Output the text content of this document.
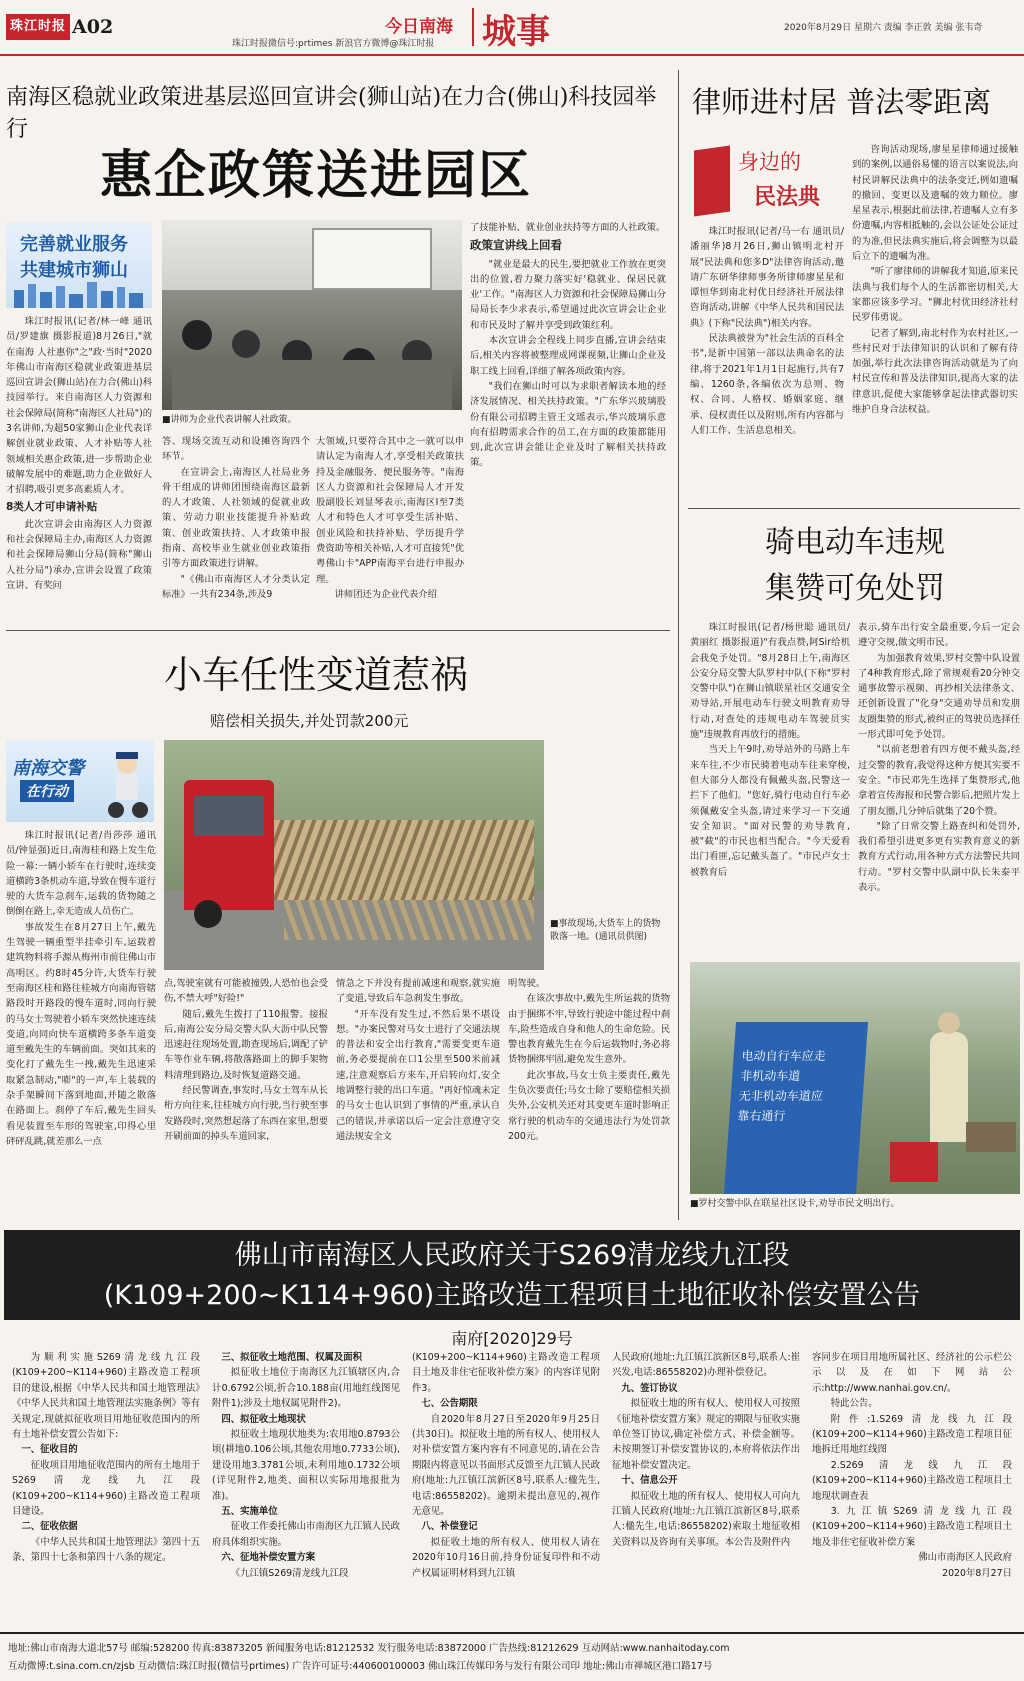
珠江时报 A02
珠江时报微信号:prtimes 新浪官方微博@珠江时报
今日南海 城事	2020年8月29日 星期六 责编 李正敦 美编 张韦奇
南海区稳就业政策进基层巡回宣讲会(狮山站)在力合(佛山)科技园举行
惠企政策送进园区
完善就业服务
共建城市狮山

珠江时报讯(记者/林一峰 通讯员/罗建旗 摄影报道)8月26日,"就在南海 人社惠你"之"政·当时"2020年佛山市南海区稳就业政策进基层巡回宣讲会(狮山站)在力合(佛山)科技园举行。来自南海区人力资源和社会保障局(简称"南海区人社局")的3名讲师,为超50家狮山企业代表详解创业就业政策、人才补贴等人社领域相关惠企政策,进一步帮助企业破解发展中的难题,助力企业做好人才招聘,吸引更多高素质人才。

8类人才可申请补贴

此次宣讲会由南海区人力资源和社会保障局主办,南海区人力资源和社会保障局狮山分局(简称"狮山人社分局")承办,宣讲会设置了政策宣讲、有奖问

■讲师为企业代表讲解人社政策。

答、现场交流互动和设摊咨询四个环节。

在宣讲会上,南海区人社局业务骨干组成的讲师团围绕南海区最新的人才政策、人社领域的促就业政策、劳动力职业技能提升补贴政策、创业政策扶持、人才政策申报指南、高校毕业生就业创业政策指引等方面政策进行讲解。

"《佛山市南海区人才分类认定标准》一共有234条,涉及9

大领域,只要符合其中之一就可以申请认定为南海人才,享受相关政策扶持及金融服务、便民服务等。"南海区人力资源和社会保障局人才开发股副股长刘显琴表示,南海区Ⅰ至7类人才和特色人才可享受生活补贴、创业风险和扶持补贴、学历提升学费资助等相关补贴,人才可直接凭"优粤佛山卡"APP南海平台进行申报办理。

讲师团还为企业代表介绍

了技能补贴、就业创业扶持等方面的人社政策。

政策宣讲线上回看

"就业是最大的民生,要把就业工作放在更突出的位置,着力聚力落实好'稳就业、保居民就业'工作。"南海区人力资源和社会保障局狮山分局局长李少求表示,希望通过此次宣讲会让企业和市民及时了解并享受到政策红利。

本次宣讲会全程线上同步直播,宣讲会结束后,相关内容将被整理成网课视频,让狮山企业及职工线上回看,详细了解各项政策内容。

"我们在狮山时可以为求职者解读本地的经济发展情况、相关扶持政策。"广东华兴玻璃股份有限公司招聘主管王文瑶表示,华兴玻璃乐意向有招聘需求合作的员工,在方面的政策都能用到,此次宣讲会能让企业及时了解相关扶持政策。

律师进村居 普法零距离
身边的
民法典

珠江时报讯(记者/马一右 通讯员/潘丽华)8月26日,狮山镇明北村开展"民法典和您多D"法律咨询活动,邀请广东研华律师事务所律师廖星星和谭恒华到南北村优日经济社开展法律咨询活动,讲解《中华人民共和国民法典》(下称"民法典")相关内容。

民法典被誉为"社会生活的百科全书",是新中国第一部以法典命名的法律,将于2021年1月1日起施行,共有7编、1260条,各编依次为总则、物权、合同、人格权、婚姻家庭、继承、侵权责任以及附则,所有内容都与人们工作、生活息息相关。

咨询活动现场,廖星星律师通过援触到的案例,以通俗易懂的语言以案说法,向村民讲解民法典中的法条变迁,例如遗嘱的撤回、变更以及遗嘱的效力顺位。廖星星表示,根据此前法律,若遗嘱人立有多份遗嘱,内容相抵触的,会以公证处公证过的为准,但民法典实施后,将会调整为以最后立下的遗嘱为准。

"听了廖律师的讲解我才知道,原来民法典与我们每个人的生活都密切相关,大家都应该多学习。"狮北村优田经济社村民罗伟勇说。

记者了解到,南北村作为农村社区,一些村民对于法律知识的认识和了解有待加强,举行此次法律咨询活动就是为了向村民宣传和普及法律知识,提高大家的法律意识,促使大家能够拿起法律武器切实维护自身合法权益。

骑电动车违规
集赞可免处罚

珠江时报讯(记者/杨世聪 通讯员/黄丽红 摄影报道)"有我点赞,阿Sir给机会我免予处罚。"8月28日上午,南海区公安分局交警大队罗村中队(下称"罗村交警中队")在狮山镇联星社区交通安全劝导站,开展电动车行驶文明教育劝导行动,对查处的违规电动车驾驶员实施"违规教育再放行的措施。

当天上午9时,劝导站外的马路上车来车往,不少市民骑着电动车往来穿梭,但大部分人都没有佩戴头盔,民警这一拦下了他们。"您好,骑行电动自行车必须佩戴安全头盔,请过来学习一下交通安全知识。"面对民警的劝导教育,被"截"的市民也相当配合。"今天爱看出门看匪,忘记戴头盔了。"市民卢女士被教育后

表示,骑车出行安全最重要,今后一定会遵守交规,做文明市民。

为加强教育效果,罗村交警中队设置了4种教育形式,除了常规观看20分钟交通事故警示视频、再抄相关法律条文、还创新设置了"化身"交通劝导员和发朋友圈集赞的形式,被纠正的驾驶员选择任一形式即可免予处罚。

"以前老想着有四方便不戴头盔,经过交警的教育,我觉得这种方便其实要不安全。"市民邓先生选择了集赞形式,他拿着宣传海报和民警合影后,把照片发上了朋友圈,几分钟后就集了20个赞。

"除了日常交警上路查纠和处罚外,我们希望引进更多更有实教育意义的新教育方式行动,用各种方式方法警民共同行动。"罗村交警中队副中队长朱泰平表示。

电动自行车应走
非机动车道
无非机动车道应
靠右通行
■罗村交警中队在联星社区设卡,劝导市民文明出行。
小车任性变道惹祸
赔偿相关损失,并处罚款200元
南海交警
在行动

珠江时报讯(记者/肖莎莎 通讯员/钟显强)近日,南海桂和路上发生危险一幕:一辆小轿车在行驶时,连续变道横跨3条机动车道,导致在慢车道行驶的大货车急刹车,运载的货物随之倒倒在路上,幸无造成人员伤亡。

事故发生在8月27日上午,戴先生驾驶一辆重型半挂牵引车,运载着建筑物料将手源从梅州市前往佛山市高明区。约8时45分许,大货车行驶至南海区桂和路往桂城方向南海管辖路段时开路段的慢车道时,同向行驶的马女士驾驶着小轿车突然快速连续变道,向同向快车道横跨多条车道变道至戴先生的车辆前面。突如其来的变化打了戴先生一拽,戴先生迅速采取紧急制动,"嘭"的一声,车上装载的杂手架瞬间下落到地面,并随之散落在路面上。刹停了车后,戴先生回头看见装置至车形的驾驶室,印得心里砰砰乱跳,就差那么一点

■事故现场,大货车上的货物散落一地。(通讯员供图)

点,驾驶室就有可能被撞毁,人恐怕也会受伤,不禁大呼"好险!"

随后,戴先生拨打了110报警。接报后,南海公安分局交警大队大沥中队民警迅速赶往现场处置,勘查现场后,调配了铲车等作业车辆,将散落路面上的脚手架物料清理到路边,及时恢复道路交通。

经民警调查,事发时,马女士驾车从长桁方向往来,往桂城方向行驶,当行驶至事发路段时,突然想起落了东西在家里,想要开刷前面的掉头车道回家,

情急之下并没有提前减速和观察,就实施了变道,导致后车急刹发生事故。

"开车没有发生过,不然后果不堪设想。"办案民警对马女士进行了交通法规的普法和安全出行教育,"需要变更车道前,务必要提前在口1公里至500米前减速,注意观察后方来车,开启转向灯,安全地调整行驶的出口车道。"再好惊魂未定的马女士也认识到了事情的严重,承认自己的错误,并承诺以后一定会注意遵守交通法规安全文

明驾驶。

在该次事故中,戴先生所运载的货物由于捆绑不牢,导致行驶途中能过程中刹车,险些造成自身和他人的生命危险。民警也教育戴先生在今后运载物时,务必将货物捆绑牢固,避免发生意外。

此次事故,马女士负主要责任,戴先生负次要责任;马女士除了要赔偿相关损失外,公安机关还对其变更车道时影响正常行驶的机动车的交通违法行为处罚款200元。

佛山市南海区人民政府关于S269清龙线九江段
(K109+200~K114+960)主路改造工程项目土地征收补偿安置公告
南府[2020]29号

为顺利实施S269清龙线九江段(K109+200~K114+960)主路改造工程项目的建设,根据《中华人民共和国土地管理法》《中华人民共和国土地管理法实施条例》等有关规定,现就拟征收项目用地征收范围内的所有土地补偿安置公告如下:

一、征收目的

征收项目用地征收范围内的所有土地用于S269清龙线九江段(K109+200~K114+960)主路改造工程项目建设。

二、征收依据

《中华人民共和国土地管理法》第四十五条、第四十七条和第四十八条的规定。

三、拟征收土地范围、权属及面积

拟征收土地位于南海区九江镇辖区内,合计0.6792公顷,折合10.188亩(用地红线图见附件1);涉及土地权属见附件2)。

四、拟征收土地现状

拟征收土地现状地类为:农用地0.8793公顷(耕地0.106公顷,其他农用地0.7733公顷),建设用地3.3781公顷,未利用地0.1732公顷(详见附件2,地类、面积以实际用地报批为准)。

五、实施单位

征收工作委托佛山市南海区九江镇人民政府具体组织实施。

六、征地补偿安置方案

《九江镇S269清龙线九江段

(K109+200~K114+960)主路改造工程项目土地及非住宅征收补偿方案》的内容详见附件3。

七、公告期限

自2020年8月27日至2020年9月25日(共30日)。拟征收土地的所有权人、使用权人对补偿安置方案内容有不同意见的,请在公告期限内将意见以书面形式反馈至九江镇人民政府(地址:九江镇江滨新区8号,联系人:楹先生,电话:86558202)。逾期未提出意见的,视作无意见。

八、补偿登记

拟征收土地的所有权人、使用权人请在2020年10月16日前,持身份证复印件和不动产权属证明材料到九江镇

人民政府(地址:九江镇江滨新区8号,联系人:崔兴发,电话:86558202)办理补偿登记。

九、签订协议

拟征收土地的所有权人、使用权人可按照《征地补偿安置方案》规定的期限与征收实施单位签订协议,确定补偿方式、补偿金额等。未按期签订补偿安置协议的,本府将依法作出征地补偿安置决定。

十、信息公开

拟征收土地的所有权人、使用权人可向九江镇人民政府(地址:九江镇江滨新区8号,联系人:楹先生,电话:86558202)索取土地征收相关资料以及咨询有关事项。本公告及附件内

容同步在项目用地所属社区、经济社的公示栏公示以及在如下网站公示:http://www.nanhai.gov.cn/。

特此公告。

附件:1.S269清龙线九江段(K109+200~K114+960)主路改造工程项目征地拆迁用地红线图

2.S269清龙线九江段(K109+200~K114+960)主路改造工程项目土地现状调查表

3.九江镇S269清龙线九江段(K109+200~K114+960)主路改造工程项目土地及非住宅征收补偿方案

佛山市南海区人民政府

2020年8月27日

地址:佛山市南海大道北57号 邮编:528200 传真:83873205 新闻服务电话:81212532 发行服务电话:83872000 广告热线:81212629 互动网站:www.nanhaitoday.com
互动微博:t.sina.com.cn/zjsb 互动微信:珠江时报(微信号prtimes) 广告许可证号:440600100003 佛山珠江传媒印务与发行有限公司印 地址:佛山市禅城区港口路17号
